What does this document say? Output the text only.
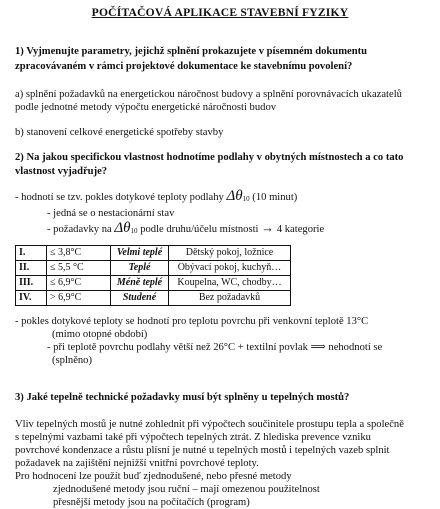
POČÍTAČOVÁ APLIKACE STAVEBNÍ FYZIKY
1) Vyjmenujte parametry, jejichž splnění prokazujete v písemném dokumentu
zpracovávaném v rámci projektové dokumentace ke stavebnímu povolení?
a) splnění požadavků na energetickou náročnost budovy a splnění porovnávacích ukazatelů
podle jednotné metody výpočtu energetické náročnosti budov
b) stanovení celkové energetické spotřeby stavby
2) Na jakou specifickou vlastnost hodnotíme podlahy v obytných místnostech a co tato
vlastnost vyjadřuje?
- hodnotí se tzv. pokles dotykové teploty podlahy Δθ10 (10 minut)
- jedná se o nestacionární stav
- požadavky na Δθ10 podle druhu/účelu místnosti → 4 kategorie
I.	≤ 3,8°C	Velmi teplé	Dětský pokoj, ložnice
II.	≤ 5,5 °C	Teplé	Obývací pokoj, kuchyň…
III.	≤ 6,9°C	Méně teplé	Koupelna, WC, chodby…
IV.	> 6,9°C	Studené	Bez požadavků
- pokles dotykové teploty se hodnotí pro teplotu povrchu při venkovní teplotě 13°C
(mimo otopné období)
- při teplotě povrchu podlahy větší než 26°C + textilní povlak ⟹ nehodnotí se
(splněno)
3) Jaké tepelně technické požadavky musí být splněny u tepelných mostů?
Vliv tepelných mostů je nutné zohlednit při výpočtech součinitele prostupu tepla a společně
s tepelnými vazbami také při výpočtech tepelných ztrát. Z hlediska prevence vzniku
povrchové kondenzace a růstu plísní je nutné u tepelných mostů i tepelných vazeb splnit
požadavek na zajištění nejnižší vnitřní povrchové teploty.
Pro hodnocení lze použít buď zjednodušené, nebo přesné metody
zjednodušené metody jsou ruční – mají omezenou použitelnost
přesnější metody jsou na počítačích (program)
